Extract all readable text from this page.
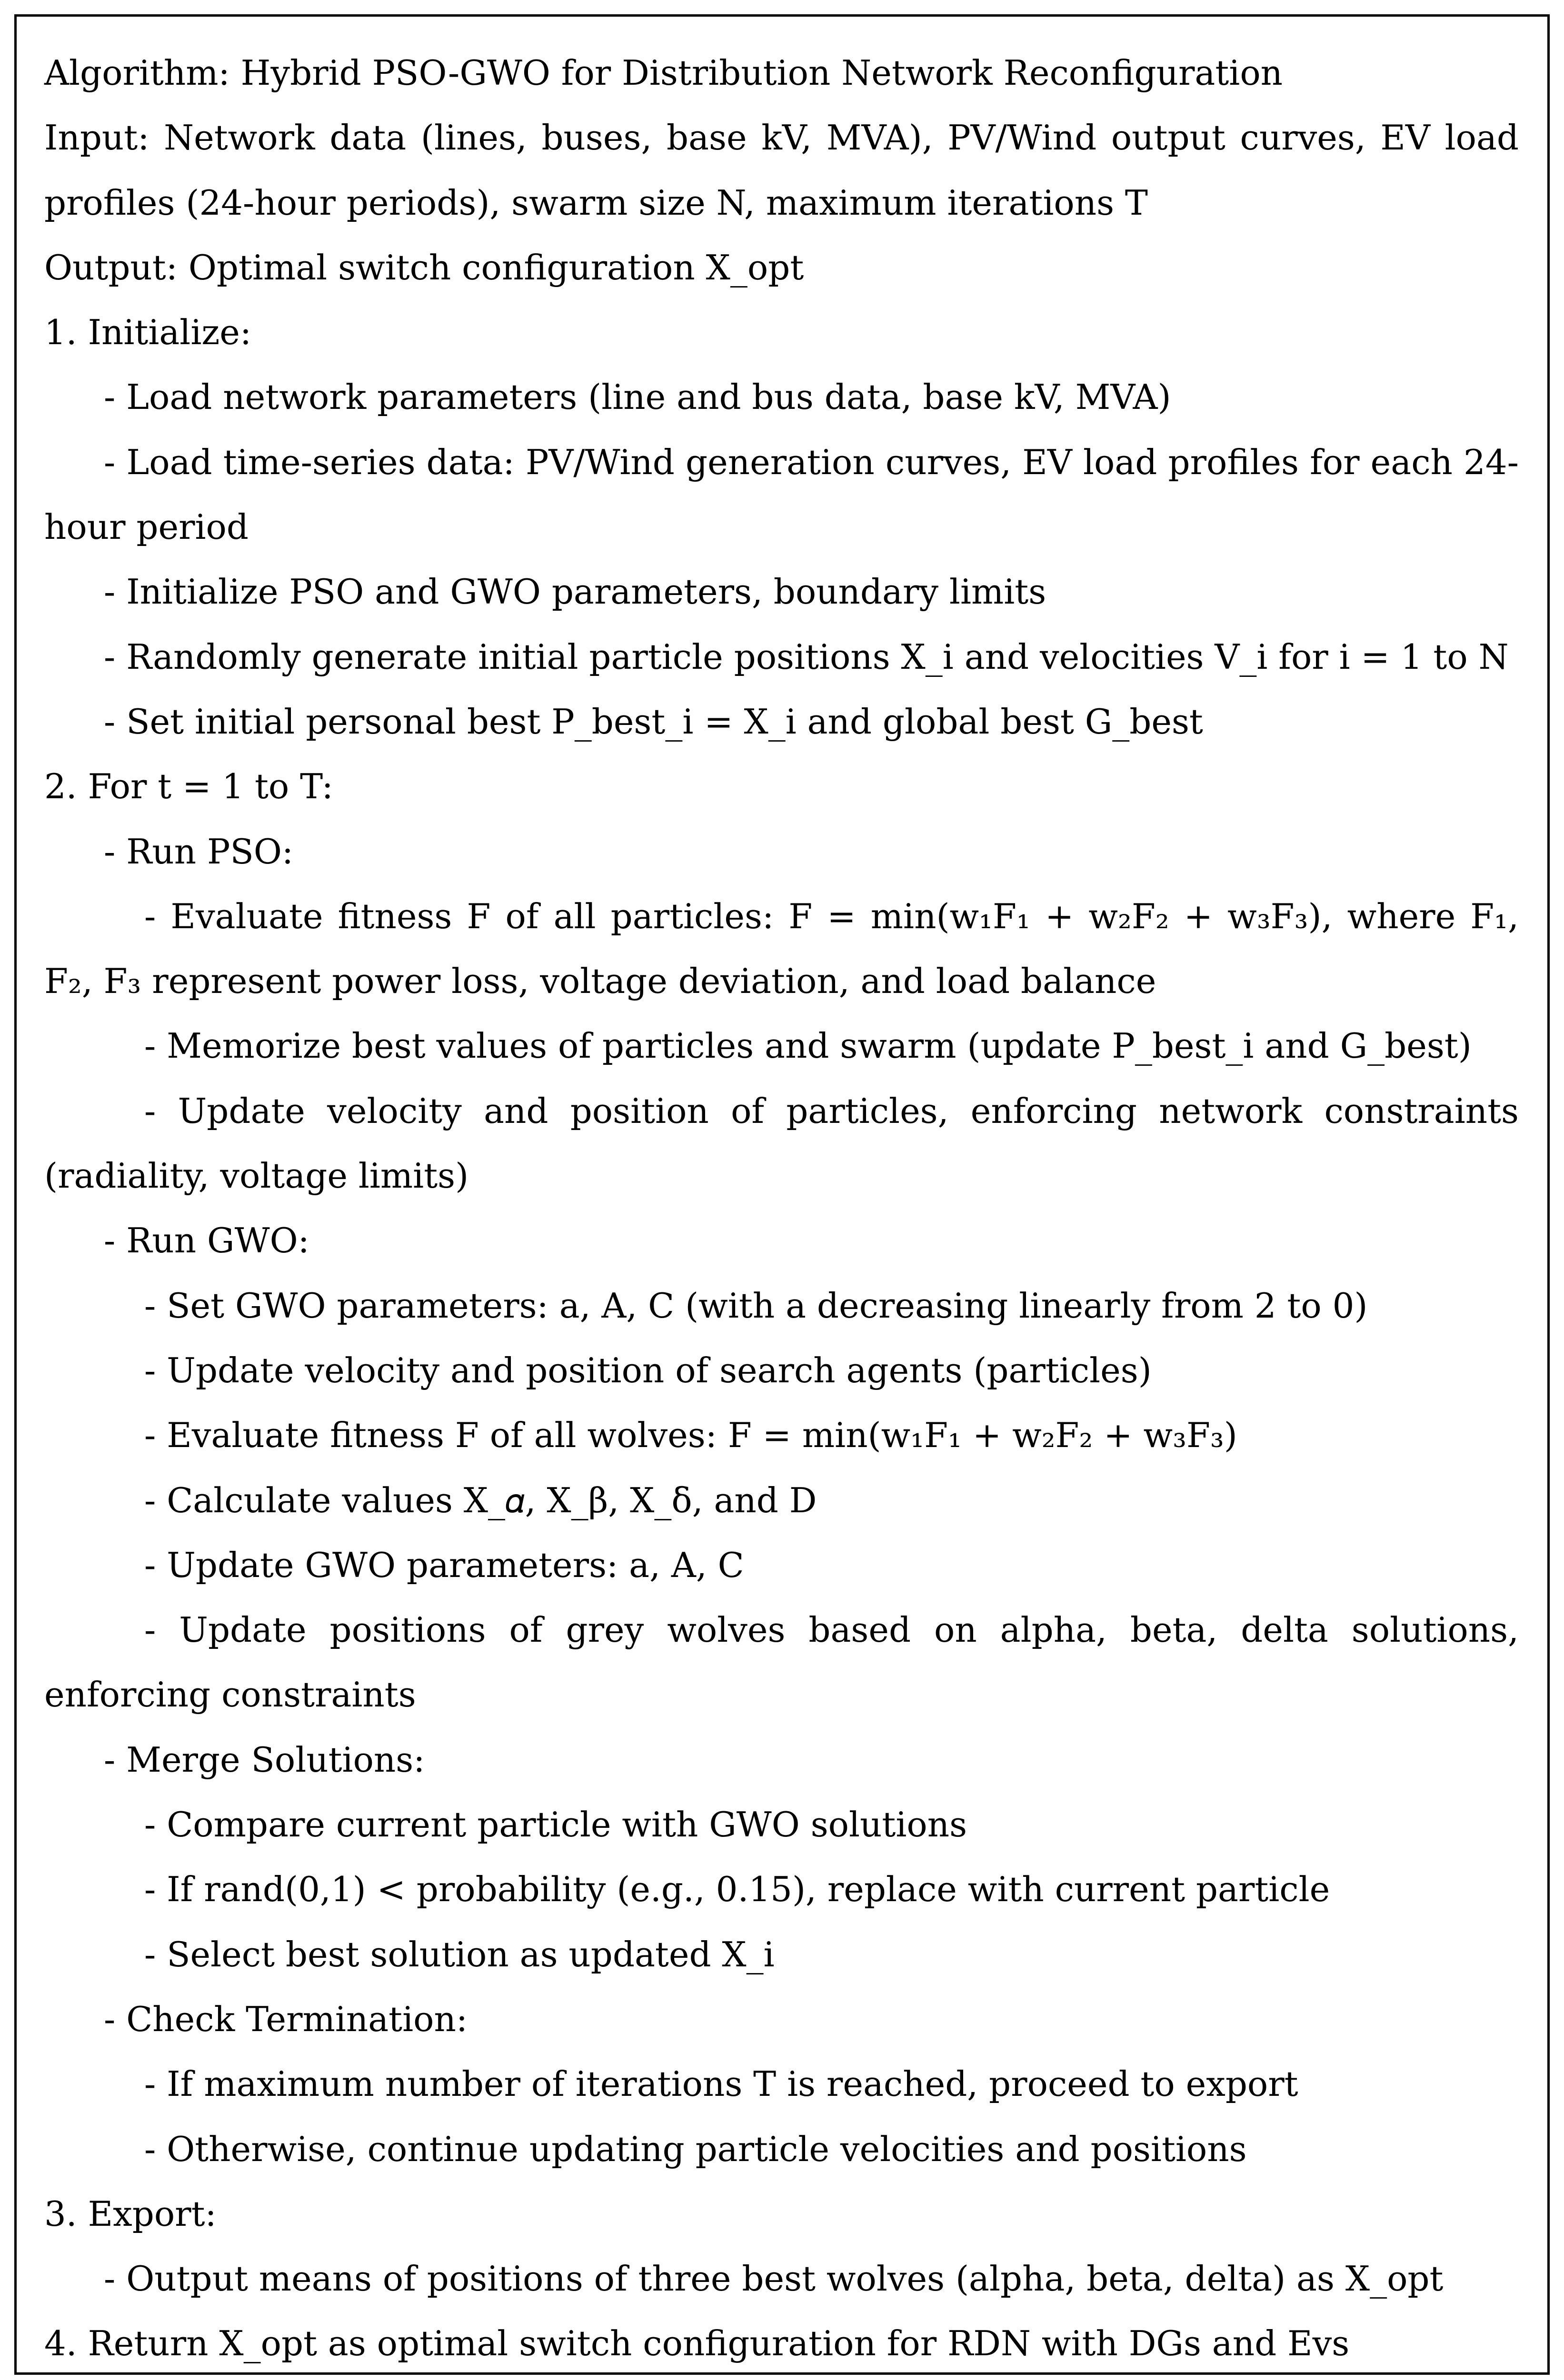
Algorithm: Hybrid PSO-GWO for Distribution Network Reconfiguration
Input: Network data (lines, buses, base kV, MVA), PV/Wind output curves, EV load profiles (24-hour periods), swarm size N, maximum iterations T
Output: Optimal switch configuration X_opt
1. Initialize:
- Load network parameters (line and bus data, base kV, MVA)
- Load time-series data: PV/Wind generation curves, EV load profiles for each 24-hour period
- Initialize PSO and GWO parameters, boundary limits
- Randomly generate initial particle positions X_i and velocities V_i for i = 1 to N
- Set initial personal best P_best_i = X_i and global best G_best
2. For t = 1 to T:
- Run PSO:
- Evaluate fitness F of all particles: F = min(w₁F₁ + w₂F₂ + w₃F₃), where F₁, F₂, F₃ represent power loss, voltage deviation, and load balance
- Memorize best values of particles and swarm (update P_best_i and G_best)
- Update velocity and position of particles, enforcing network constraints (radiality, voltage limits)
- Run GWO:
- Set GWO parameters: a, A, C (with a decreasing linearly from 2 to 0)
- Update velocity and position of search agents (particles)
- Evaluate fitness F of all wolves: F = min(w₁F₁ + w₂F₂ + w₃F₃)
- Calculate values X_𝛼, X_β, X_δ, and D
- Update GWO parameters: a, A, C
- Update positions of grey wolves based on alpha, beta, delta solutions, enforcing constraints
- Merge Solutions:
- Compare current particle with GWO solutions
- If rand(0,1) < probability (e.g., 0.15), replace with current particle
- Select best solution as updated X_i
- Check Termination:
- If maximum number of iterations T is reached, proceed to export
- Otherwise, continue updating particle velocities and positions
3. Export:
- Output means of positions of three best wolves (alpha, beta, delta) as X_opt
4. Return X_opt as optimal switch configuration for RDN with DGs and Evs
